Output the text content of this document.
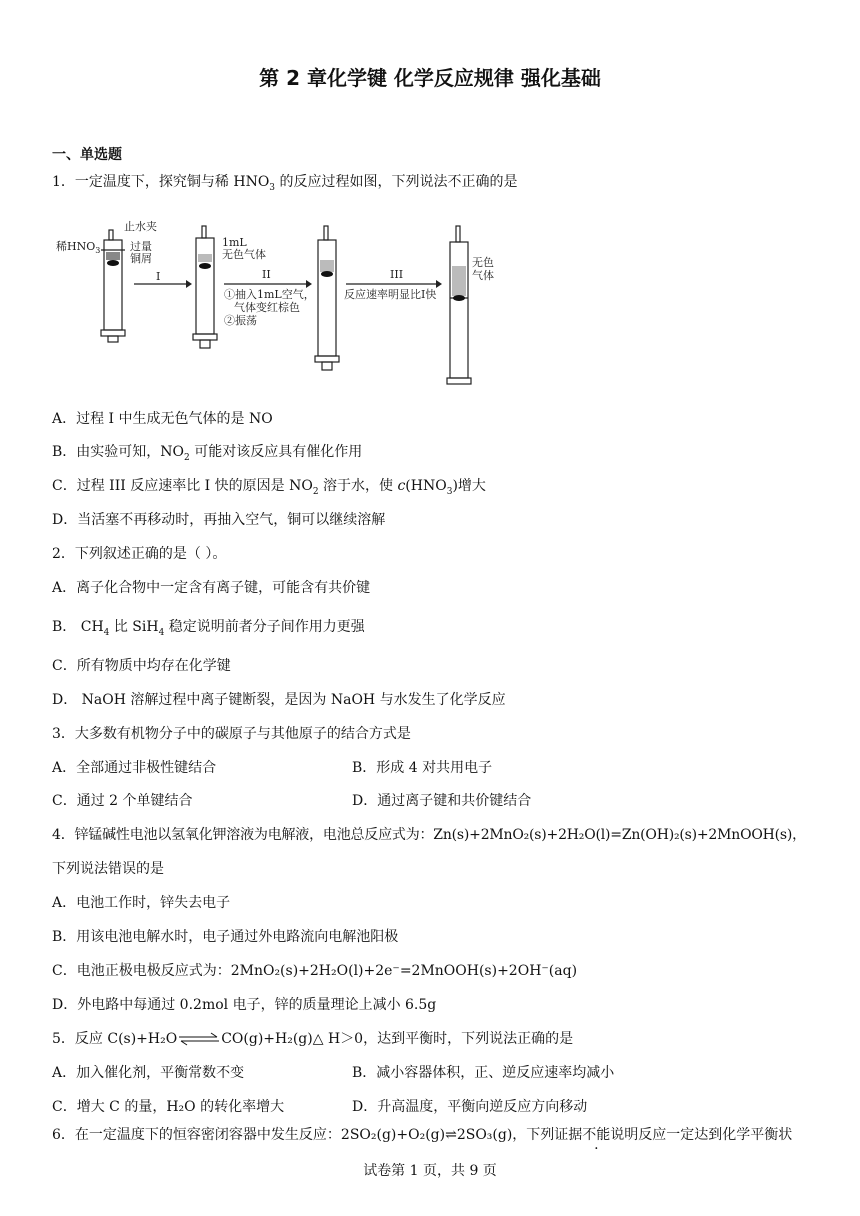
第 2 章化学键 化学反应规律 强化基础
一、单选题
1．一定温度下，探究铜与稀 $HNO_3$ 的反应过程如图，下列说法不正确的是
止水夹
稀$HNO_3$	过量
铜屑
1mL
无色气体
I	II
①抽入1mL空气，
气体变红棕色
②振荡
III
反应速率明显比I快
无色
气体
A．过程 I 中生成无色气体的是 NO
B．由实验可知，$NO_2$ 可能对该反应具有催化作用
C．过程 III 反应速率比 I 快的原因是 $NO_2$ 溶于水，使 $c(HNO_3)$增大
D．当活塞不再移动时，再抽入空气，铜可以继续溶解
2．下列叙述正确的是（ ）。
A．离子化合物中一定含有离子键，可能含有共价键
B． $CH_4$ 比 SiH$_4$ 稳定说明前者分子间作用力更强
C．所有物质中均存在化学键
D． NaOH 溶解过程中离子键断裂，是因为 NaOH 与水发生了化学反应
3．大多数有机物分子中的碳原子与其他原子的结合方式是
A．全部通过非极性键结合	B．形成 4 对共用电子
C．通过 2 个单键结合	D．通过离子键和共价键结合
4．锌锰碱性电池以氢氧化钾溶液为电解液，电池总反应式为：Zn(s)+2MnO₂(s)+2H₂O(l)=Zn(OH)₂(s)+2MnOOH(s)，
下列说法错误的是
A．电池工作时，锌失去电子
B．用该电池电解水时，电子通过外电路流向电解池阳极
C．电池正极电极反应式为：2MnO₂(s)+2H₂O(l)+2e⁻=2MnOOH(s)+2OH⁻(aq)
D．外电路中每通过 0.2mol 电子，锌的质量理论上减小 6.5g
5．反应 C(s)+H₂O⇌CO(g)+H₂(g)△ H＞0，达到平衡时，下列说法正确的是
A．加入催化剂，平衡常数不变	B．减小容器体积，正、逆反应速率均减小
C．增大 C 的量，H₂O 的转化率增大	D．升高温度，平衡向逆反应方向移动
6．在一定温度下的恒容密闭容器中发生反应：2SO₂(g)+O₂(g)⇌2SO₃(g)，下列证据不能说明反应一定达到化学平衡状
试卷第 1 页，共 9 页
